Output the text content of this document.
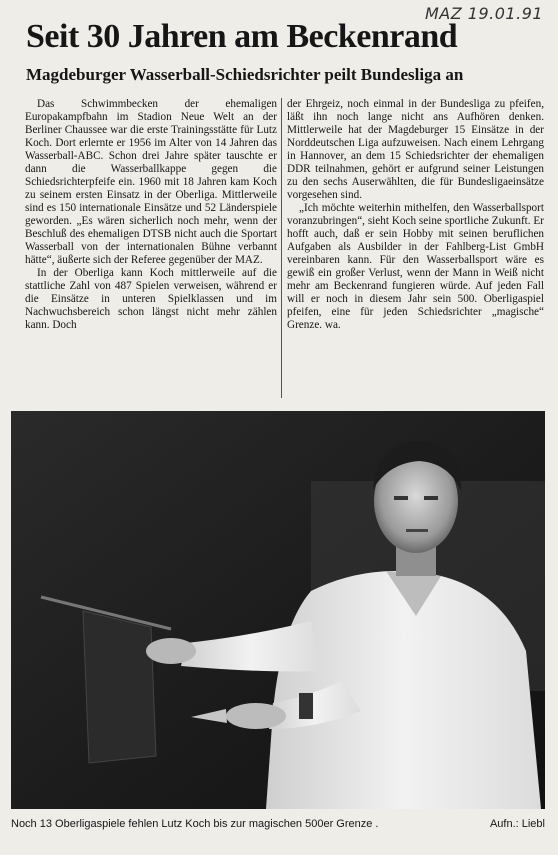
MAZ 19.01.91
Seit 30 Jahren am Beckenrand
Magdeburger Wasserball-Schiedsrichter peilt Bundesliga an

Das Schwimmbecken der ehemaligen Europakampfbahn im Stadion Neue Welt an der Berliner Chaussee war die erste Trainingsstätte für Lutz Koch. Dort erlernte er 1956 im Alter von 14 Jahren das Wasserball-ABC. Schon drei Jahre später tauschte er dann die Wasserballkappe gegen die Schiedsrichterpfeife ein. 1960 mit 18 Jahren kam Koch zu seinem ersten Einsatz in der Oberliga. Mittlerweile sind es 150 internationale Einsätze und 52 Länderspiele geworden. „Es wären sicherlich noch mehr, wenn der Beschluß des ehemaligen DTSB nicht auch die Sportart Wasserball von der internationalen Bühne verbannt hätte“, äußerte sich der Referee gegenüber der MAZ.

In der Oberliga kann Koch mittlerweile auf die stattliche Zahl von 487 Spielen verweisen, während er die Einsätze in unteren Spielklassen und im Nachwuchsbereich schon längst nicht mehr zählen kann. Doch

der Ehrgeiz, noch einmal in der Bundesliga zu pfeifen, läßt ihn noch lange nicht ans Aufhören denken. Mittlerweile hat der Magdeburger 15 Einsätze in der Norddeutschen Liga aufzuweisen. Nach einem Lehrgang in Hannover, an dem 15 Schiedsrichter der ehemaligen DDR teilnahmen, gehört er aufgrund seiner Leistungen zu den sechs Auserwählten, die für Bundesligaeinsätze vorgesehen sind.

„Ich möchte weiterhin mithelfen, den Wasserballsport voranzubringen“, sieht Koch seine sportliche Zukunft. Er hofft auch, daß er sein Hobby mit seinen beruflichen Aufgaben als Ausbilder in der Fahlberg-List GmbH vereinbaren kann. Für den Wasserballsport wäre es gewiß ein großer Verlust, wenn der Mann in Weiß nicht mehr am Beckenrand fungieren würde. Auf jeden Fall will er noch in diesem Jahr sein 500. Oberligaspiel pfeifen, eine für jeden Schiedsrichter „magische“ Grenze. wa.

Noch 13 Oberligaspiele fehlen Lutz Koch bis zur magischen 500er Grenze .	Aufn.: Liebl
